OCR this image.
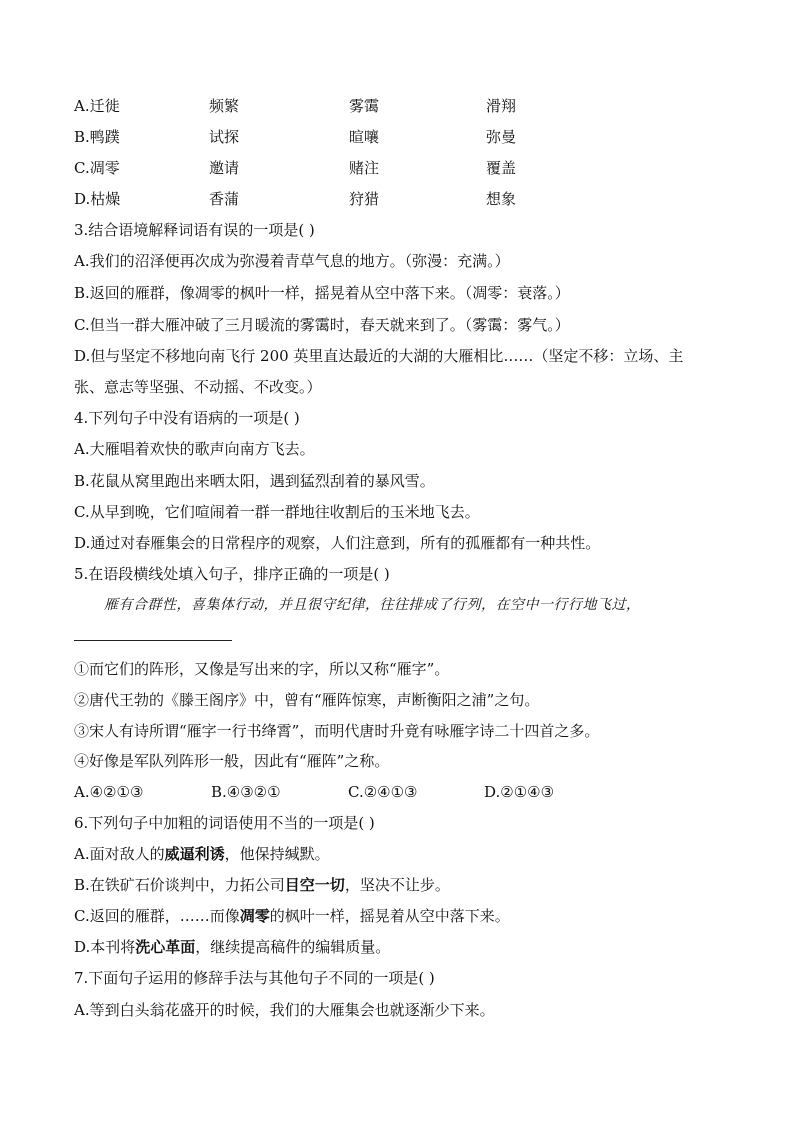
A.迁徙	频繁	雾霭	滑翔
B.鸭蹼	试探	暄嚷	弥曼
C.凋零	邀请	赌注	覆盖
D.枯燥	香蒲	狩猎	想象
3.结合语境解释词语有误的一项是( )
A.我们的沼泽便再次成为弥漫着青草气息的地方。（弥漫：充满。）
B.返回的雁群，像凋零的枫叶一样，摇晃着从空中落下来。（凋零：衰落。）
C.但当一群大雁冲破了三月暖流的雾霭时，春天就来到了。（雾霭：雾气。）
D.但与坚定不移地向南飞行 200 英里直达最近的大湖的大雁相比……（坚定不移：立场、主
张、意志等坚强、不动摇、不改变。）
4.下列句子中没有语病的一项是( )
A.大雁唱着欢快的歌声向南方飞去。
B.花鼠从窝里跑出来晒太阳，遇到猛烈刮着的暴风雪。
C.从早到晚，它们喧闹着一群一群地往收割后的玉米地飞去。
D.通过对春雁集会的日常程序的观察，人们注意到，所有的孤雁都有一种共性。
5.在语段横线处填入句子，排序正确的一项是( )
雁有合群性，喜集体行动，并且很守纪律，往往排成了行列，在空中一行行地飞过，
①而它们的阵形，又像是写出来的字，所以又称“雁字”。
②唐代王勃的《滕王阁序》中，曾有“雁阵惊寒，声断衡阳之浦”之句。
③宋人有诗所谓“雁字一行书绛霄”，而明代唐时升竟有咏雁字诗二十四首之多。
④好像是军队列阵形一般，因此有“雁阵”之称。
A.④②①③	B.④③②①	C.②④①③	D.②①④③
6.下列句子中加粗的词语使用不当的一项是( )
A.面对敌人的威逼利诱，他保持缄默。
B.在铁矿石价谈判中，力拓公司目空一切，坚决不让步。
C.返回的雁群，……而像凋零的枫叶一样，摇晃着从空中落下来。
D.本刊将洗心革面，继续提高稿件的编辑质量。
7.下面句子运用的修辞手法与其他句子不同的一项是( )
A.等到白头翁花盛开的时候，我们的大雁集会也就逐渐少下来。
